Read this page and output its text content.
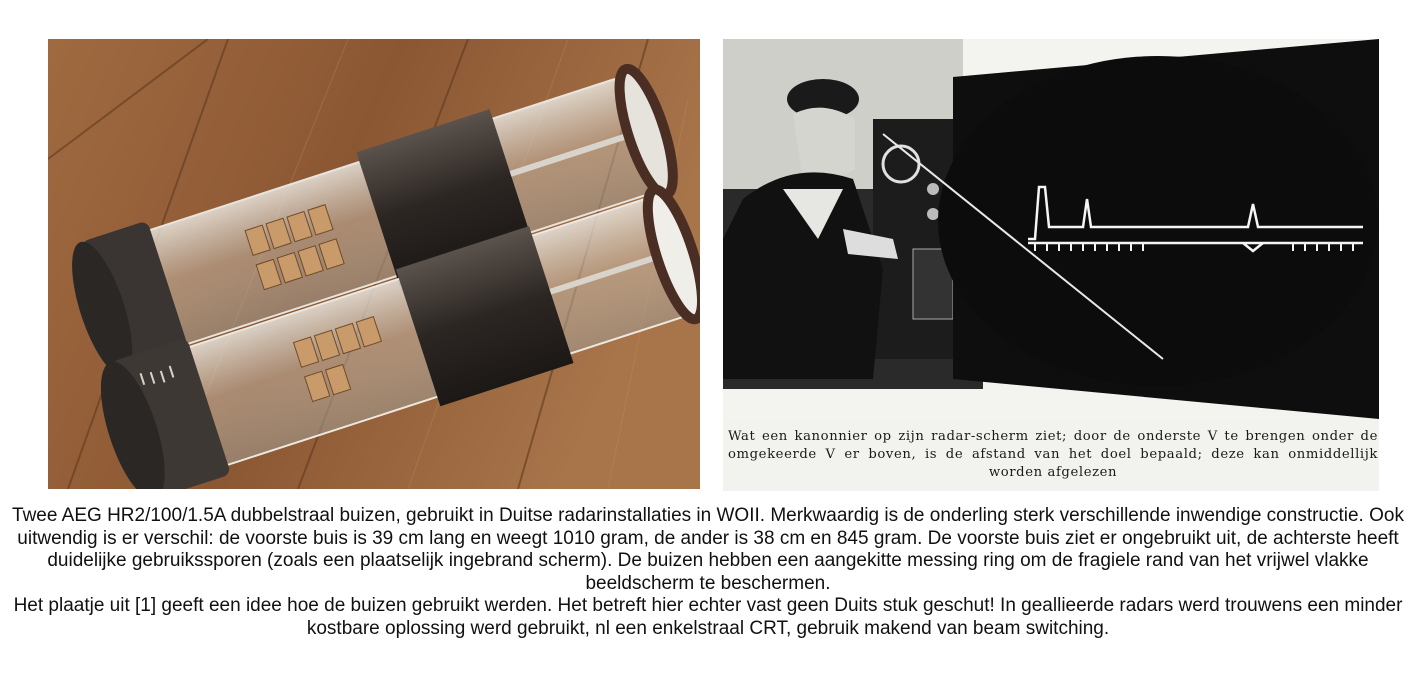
Wat een kanonnier op zijn radar-scherm ziet; door de onderste V te brengen onder de omgekeerde V er boven, is de afstand van het doel bepaald; deze kan onmiddellijk worden afgelezen

Twee AEG HR2/100/1.5A dubbelstraal buizen, gebruikt in Duitse radarinstallaties in WOII. Merkwaardig is de onderling sterk verschillende inwendige constructie. Ook uitwendig is er verschil: de voorste buis is 39 cm lang en weegt 1010 gram, de ander is 38 cm en 845 gram. De voorste buis ziet er ongebruikt uit, de achterste heeft duidelijke gebruikssporen (zoals een plaatselijk ingebrand scherm). De buizen hebben een aangekitte messing ring om de fragiele rand van het vrijwel vlakke beeldscherm te beschermen.

Het plaatje uit [1] geeft een idee hoe de buizen gebruikt werden. Het betreft hier echter vast geen Duits stuk geschut! In geallieerde radars werd trouwens een minder kostbare oplossing werd gebruikt, nl een enkelstraal CRT, gebruik makend van beam switching.
